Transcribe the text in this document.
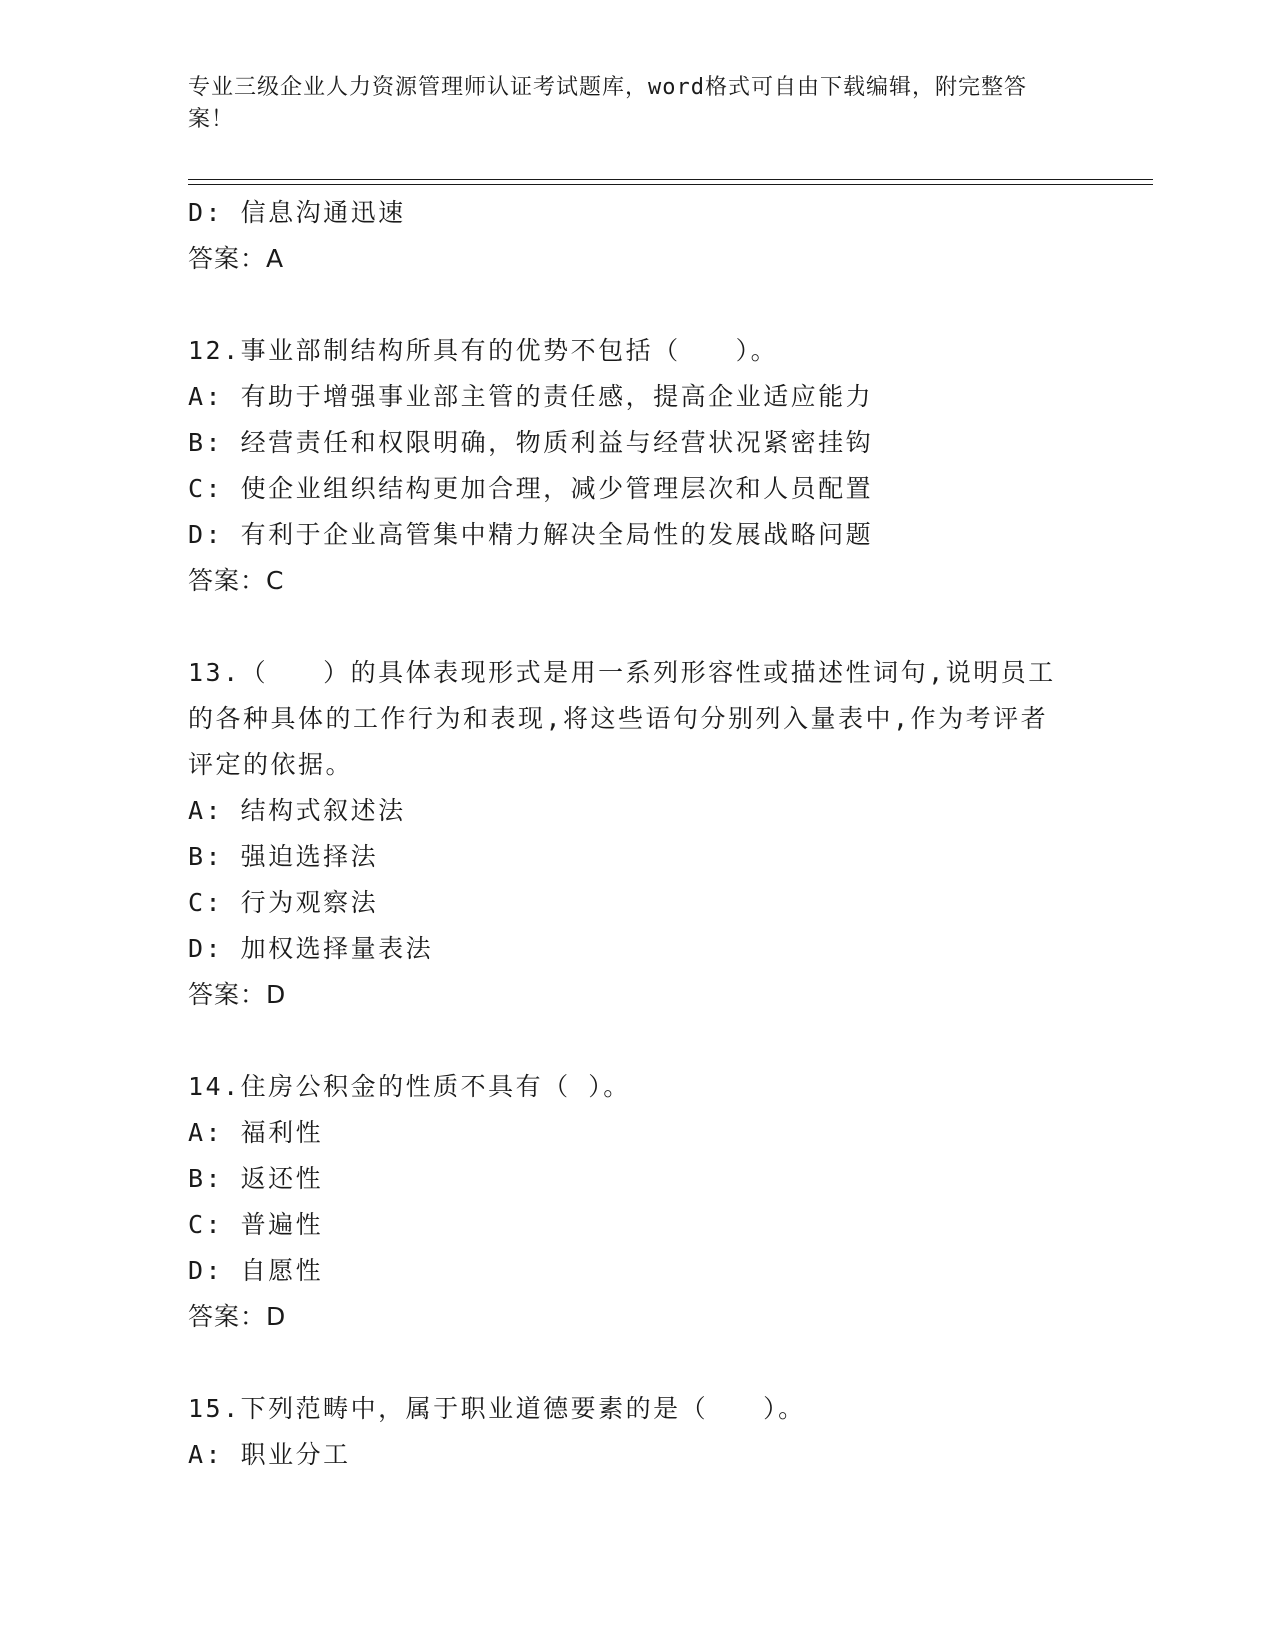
专业三级企业人力资源管理师认证考试题库，word格式可自由下载编辑，附完整答案！
D: 信息沟通迅速
答案：A
12.事业部制结构所具有的优势不包括（　　）。
A: 有助于增强事业部主管的责任感，提高企业适应能力
B: 经营责任和权限明确，物质利益与经营状况紧密挂钩
C: 使企业组织结构更加合理，减少管理层次和人员配置
D: 有利于企业高管集中精力解决全局性的发展战略问题
答案：C
13.（　　）的具体表现形式是用一系列形容性或描述性词句,说明员工的各种具体的工作行为和表现,将这些语句分别列入量表中,作为考评者评定的依据。
A: 结构式叙述法
B: 强迫选择法
C: 行为观察法
D: 加权选择量表法
答案：D
14.住房公积金的性质不具有（ ）。
A: 福利性
B: 返还性
C: 普遍性
D: 自愿性
答案：D
15.下列范畴中，属于职业道德要素的是（　　）。
A: 职业分工
